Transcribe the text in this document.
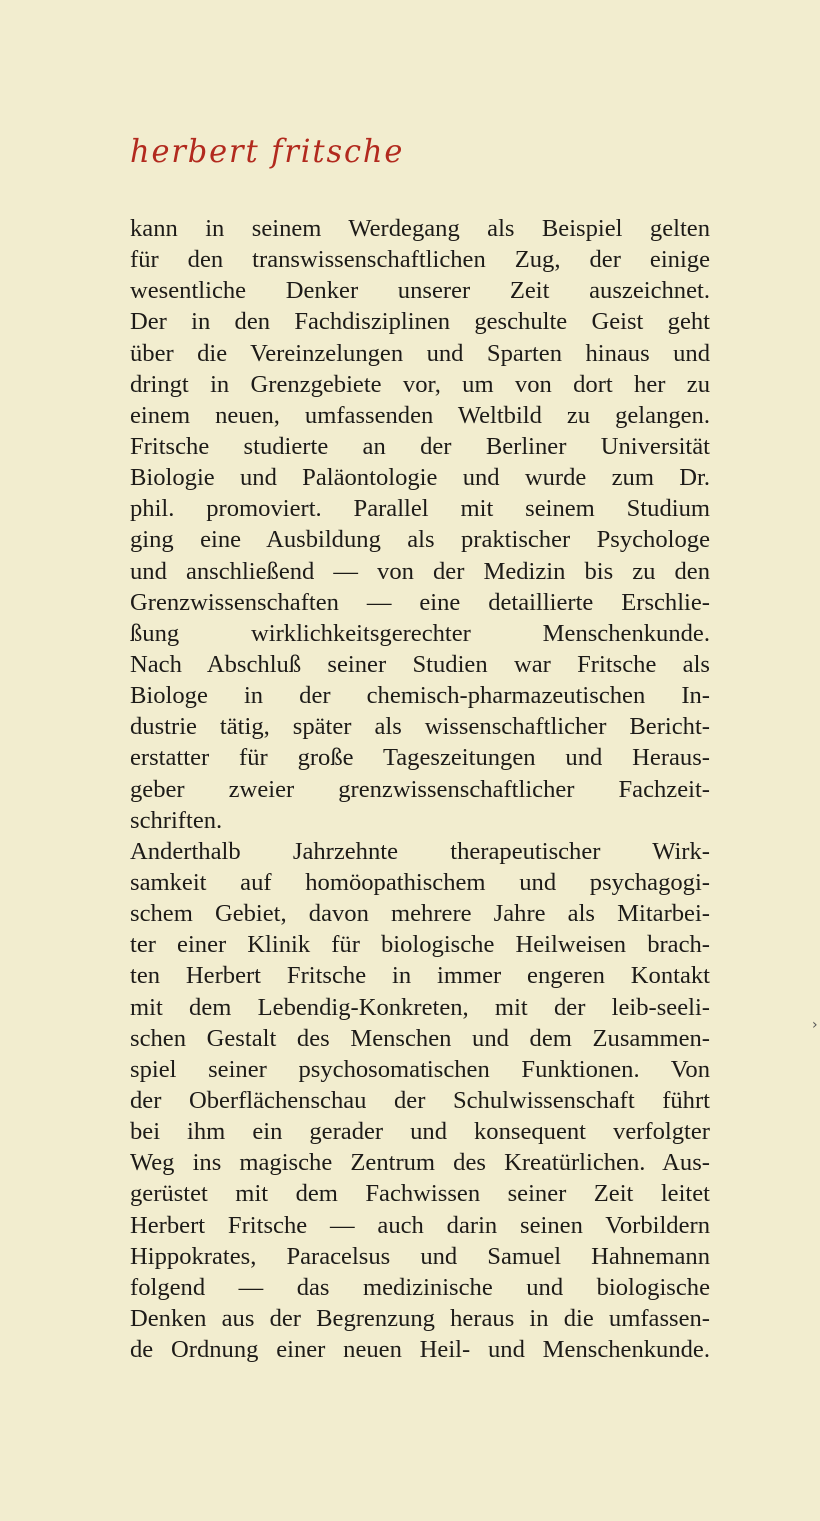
herbert fritsche
kann in seinem Werdegang als Beispiel gelten
für den transwissenschaftlichen Zug, der einige
wesentliche Denker unserer Zeit auszeichnet.
Der in den Fachdisziplinen geschulte Geist geht
über die Vereinzelungen und Sparten hinaus und
dringt in Grenzgebiete vor, um von dort her zu
einem neuen, umfassenden Weltbild zu gelangen.
Fritsche studierte an der Berliner Universität
Biologie und Paläontologie und wurde zum Dr.
phil. promoviert. Parallel mit seinem Studium
ging eine Ausbildung als praktischer Psychologe
und anschließend — von der Medizin bis zu den
Grenzwissenschaften — eine detaillierte Erschlie-
ßung wirklichkeitsgerechter Menschenkunde.
Nach Abschluß seiner Studien war Fritsche als
Biologe in der chemisch-pharmazeutischen In-
dustrie tätig, später als wissenschaftlicher Bericht-
erstatter für große Tageszeitungen und Heraus-
geber zweier grenzwissenschaftlicher Fachzeit-
schriften.
Anderthalb Jahrzehnte therapeutischer Wirk-
samkeit auf homöopathischem und psychagogi-
schem Gebiet, davon mehrere Jahre als Mitarbei-
ter einer Klinik für biologische Heilweisen brach-
ten Herbert Fritsche in immer engeren Kontakt
mit dem Lebendig-Konkreten, mit der leib-seeli-
schen Gestalt des Menschen und dem Zusammen-
spiel seiner psychosomatischen Funktionen. Von
der Oberflächenschau der Schulwissenschaft führt
bei ihm ein gerader und konsequent verfolgter
Weg ins magische Zentrum des Kreatürlichen. Aus-
gerüstet mit dem Fachwissen seiner Zeit leitet
Herbert Fritsche — auch darin seinen Vorbildern
Hippokrates, Paracelsus und Samuel Hahnemann
folgend — das medizinische und biologische
Denken aus der Begrenzung heraus in die umfassen-
de Ordnung einer neuen Heil- und Menschenkunde.
›
